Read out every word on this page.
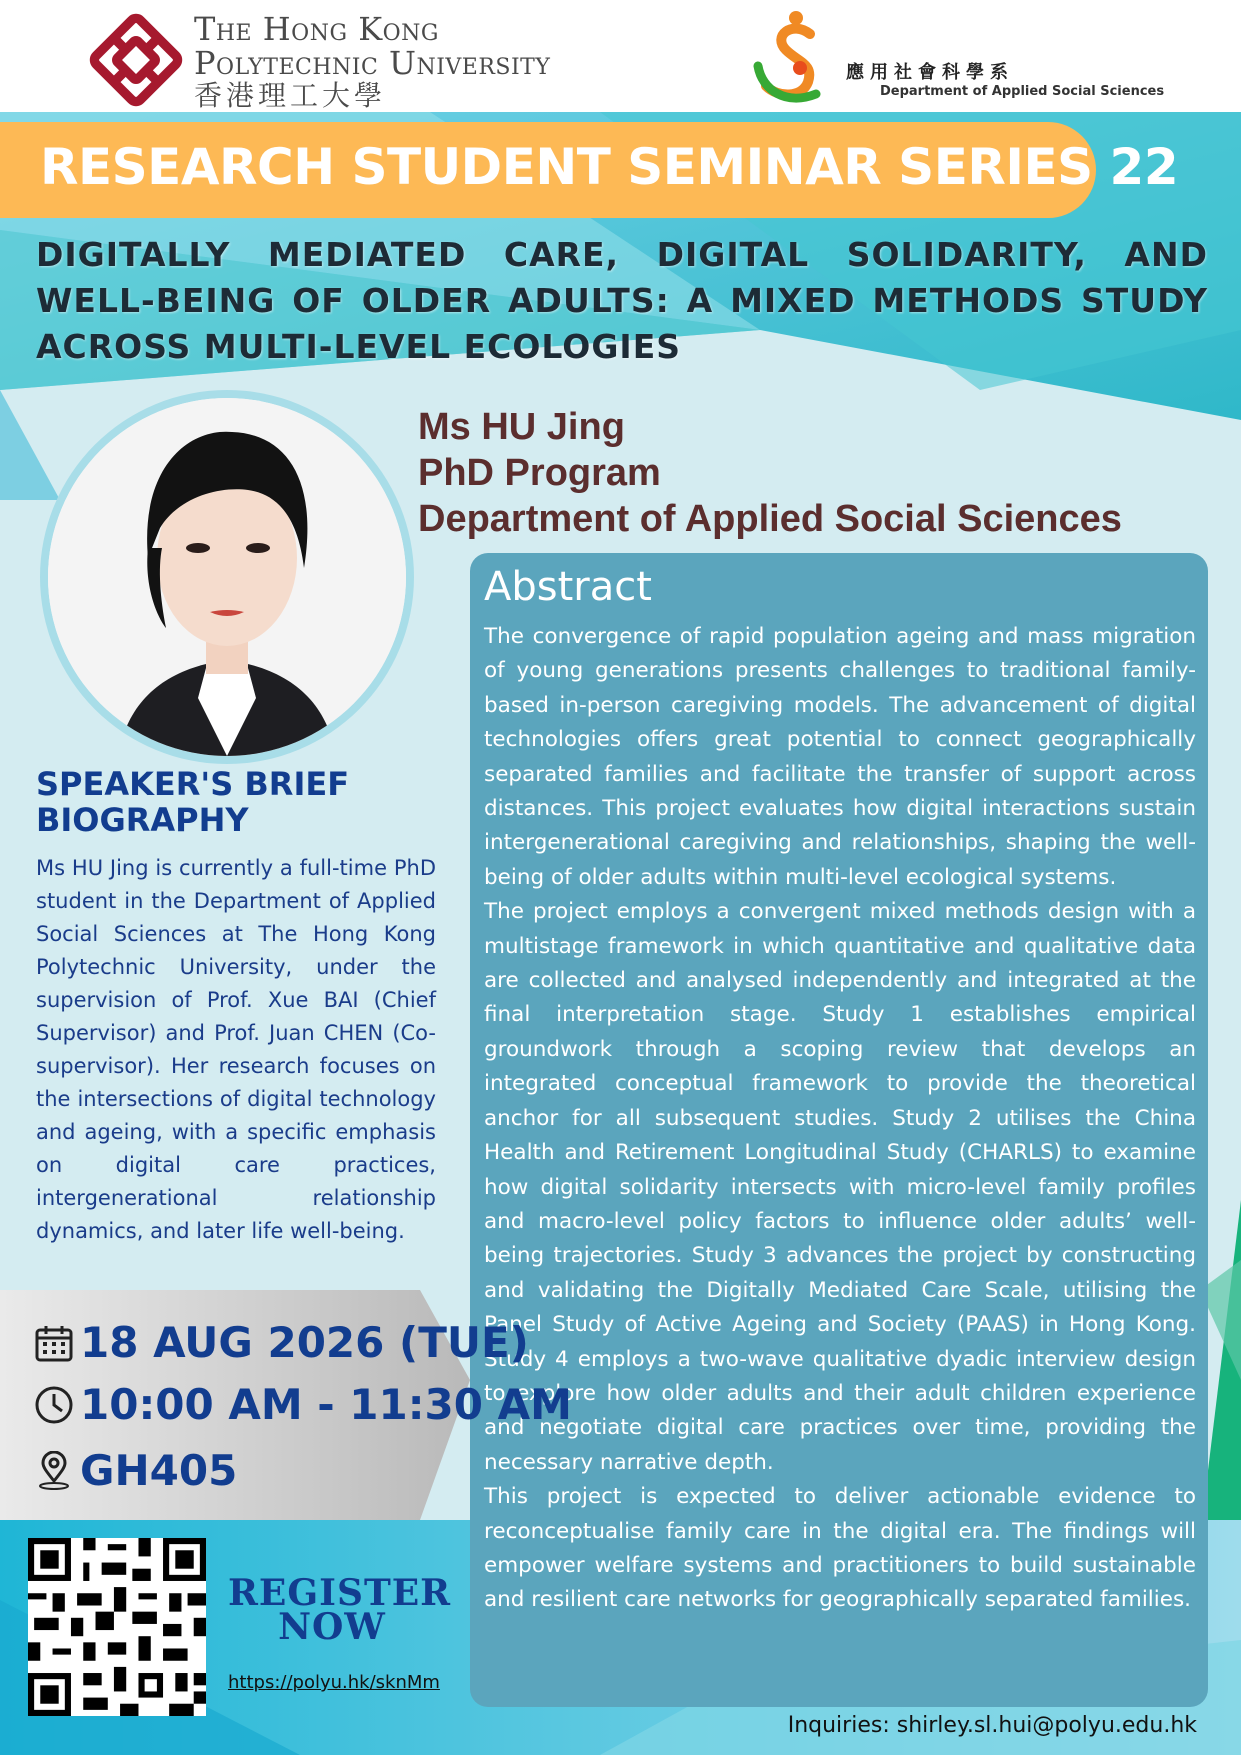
The Hong Kong
Polytechnic University
香港理工大學
應用社會科學系
Department of Applied Social Sciences
RESEARCH STUDENT SEMINAR SERIES 22
DIGITALLY MEDIATED CARE, DIGITAL SOLIDARITY, AND WELL-BEING OF OLDER ADULTS: A MIXED METHODS STUDY ACROSS MULTI-LEVEL ECOLOGIES
Ms HU Jing
PhD Program
Department of Applied Social Sciences
SPEAKER'S BRIEF
BIOGRAPHY
Ms HU Jing is currently a full-time PhD student in the Department of Applied Social Sciences at The Hong Kong Polytechnic University, under the supervision of Prof. Xue BAI (Chief Supervisor) and Prof. Juan CHEN (Co-supervisor). Her research focuses on the intersections of digital technology and ageing, with a specific emphasis on digital care practices, intergenerational relationship dynamics, and later life well-being.
Abstract

The convergence of rapid population ageing and mass migration of young generations presents challenges to traditional family-based in-person caregiving models. The advancement of digital technologies offers great potential to connect geographically separated families and facilitate the transfer of support across distances. This project evaluates how digital interactions sustain intergenerational caregiving and relationships, shaping the well-being of older adults within multi-level ecological systems.

The project employs a convergent mixed methods design with a multistage framework in which quantitative and qualitative data are collected and analysed independently and integrated at the final interpretation stage. Study 1 establishes empirical groundwork through a scoping review that develops an integrated conceptual framework to provide the theoretical anchor for all subsequent studies. Study 2 utilises the China Health and Retirement Longitudinal Study (CHARLS) to examine how digital solidarity intersects with micro-level family profiles and macro-level policy factors to influence older adults’ well-being trajectories. Study 3 advances the project by constructing and validating the Digitally Mediated Care Scale, utilising the Panel Study of Active Ageing and Society (PAAS) in Hong Kong. Study 4 employs a two-wave qualitative dyadic interview design to explore how older adults and their adult children experience and negotiate digital care practices over time, providing the necessary narrative depth.

This project is expected to deliver actionable evidence to reconceptualise family care in the digital era. The findings will empower welfare systems and practitioners to build sustainable and resilient care networks for geographically separated families.

18 AUG 2026 (TUE)
10:00 AM - 11:30 AM
GH405
REGISTER
NOW
https://polyu.hk/sknMm
Inquiries: shirley.sl.hui@polyu.edu.hk
